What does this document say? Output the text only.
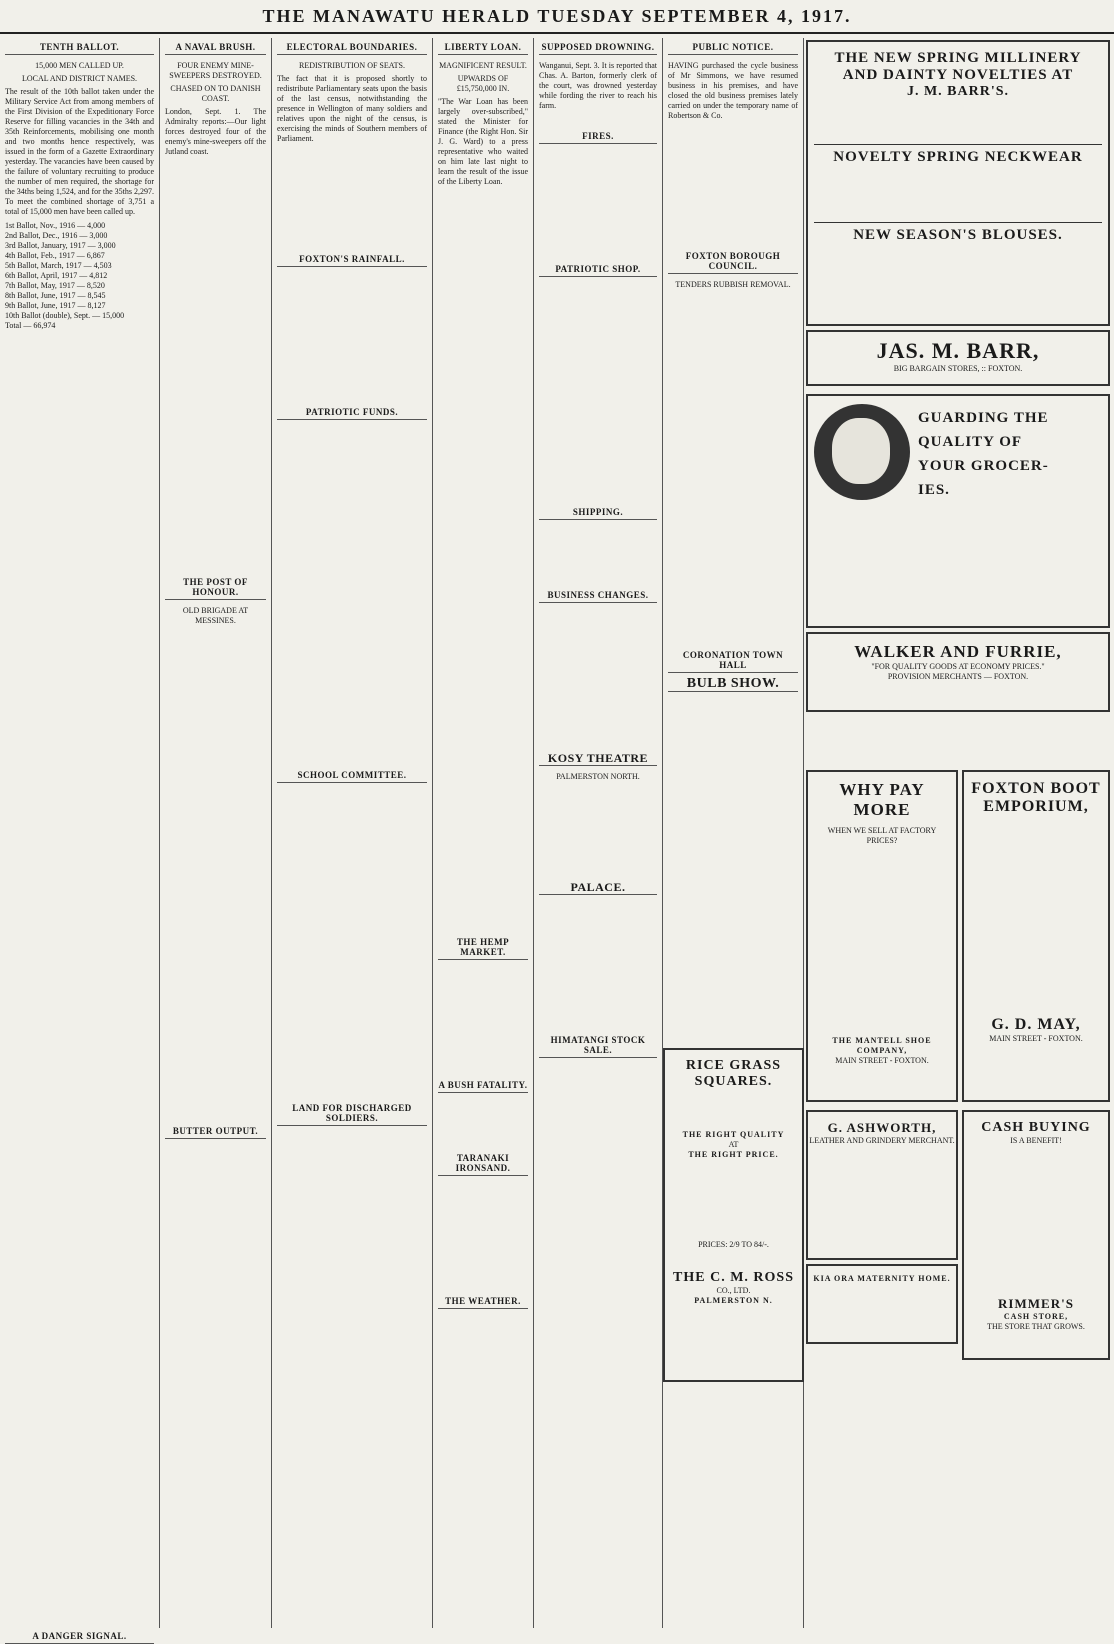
THE MANAWATU HERALD TUESDAY SEPTEMBER 4, 1917.
TENTH BALLOT.
15,000 MEN CALLED UP.
LOCAL AND DISTRICT NAMES.

The result of the 10th ballot taken under the Military Service Act from among members of the First Division of the Expeditionary Force Reserve for filling vacancies in the 34th and 35th Reinforcements, mobilising one month and two months hence respectively, was issued in the form of a Gazette Extraordinary yesterday. The vacancies have been caused by the failure of voluntary recruiting to produce the number of men required, the shortage for the 34ths being 1,524, and for the 35ths 2,297. To meet the combined shortage of 3,751 a total of 15,000 men have been called up.

1st Ballot, Nov., 1916 — 4,000
2nd Ballot, Dec., 1916 — 3,000
3rd Ballot, January, 1917 — 3,000
4th Ballot, Feb., 1917 — 6,867
5th Ballot, March, 1917 — 4,503
6th Ballot, April, 1917 — 4,812
7th Ballot, May, 1917 — 8,520
8th Ballot, June, 1917 — 8,545
9th Ballot, June, 1917 — 8,127
10th Ballot (double), Sept. — 15,000
Total — 66,974

A DANGER SIGNAL.
A NAVAL BRUSH.
FOUR ENEMY MINE-SWEEPERS DESTROYED.
CHASED ON TO DANISH COAST.

London, Sept. 1. The Admiralty reports:—Our light forces destroyed four of the enemy's mine-sweepers off the Jutland coast.

THE POST OF HONOUR.
OLD BRIGADE AT MESSINES.
BUTTER OUTPUT.
ELECTORAL BOUNDARIES.
REDISTRIBUTION OF SEATS.

The fact that it is proposed shortly to redistribute Parliamentary seats upon the basis of the last census, notwithstanding the presence in Wellington of many soldiers and relatives upon the night of the census, is exercising the minds of Southern members of Parliament.

FOXTON'S RAINFALL.
PATRIOTIC FUNDS.
SCHOOL COMMITTEE.
LAND FOR DISCHARGED SOLDIERS.
LIBERTY LOAN.
MAGNIFICENT RESULT.
UPWARDS OF £15,750,000 IN.

"The War Loan has been largely over-subscribed," stated the Minister for Finance (the Right Hon. Sir J. G. Ward) to a press representative who waited on him late last night to learn the result of the issue of the Liberty Loan.

THE HEMP MARKET.
A BUSH FATALITY.
TARANAKI IRONSAND.
THE WEATHER.
SUPPOSED DROWNING.

Wanganui, Sept. 3. It is reported that Chas. A. Barton, formerly clerk of the court, was drowned yesterday while fording the river to reach his farm.

FIRES.
PATRIOTIC SHOP.
SHIPPING.
BUSINESS CHANGES.
KOSY THEATRE
PALMERSTON NORTH.
PALACE.
HIMATANGI STOCK SALE.
PUBLIC NOTICE.

HAVING purchased the cycle business of Mr Simmons, we have resumed business in his premises, and have closed the old business premises lately carried on under the temporary name of Robertson & Co.

FOXTON BOROUGH COUNCIL.
TENDERS RUBBISH REMOVAL.
CORONATION TOWN HALL
BULB SHOW.
THE NEW SPRING MILLINERY
AND DAINTY NOVELTIES AT
J. M. BARR'S.
NOVELTY SPRING NECKWEAR
NEW SEASON'S BLOUSES.
JAS. M. BARR,
BIG BARGAIN STORES, :: FOXTON.
GUARDING THE
QUALITY OF
YOUR GROCER-
IES.
WALKER AND FURRIE,
"FOR QUALITY GOODS AT ECONOMY PRICES."
PROVISION MERCHANTS — FOXTON.
WHY PAY
MORE
WHEN WE SELL AT FACTORY PRICES?
THE MANTELL SHOE COMPANY,
MAIN STREET - FOXTON.
FOXTON BOOT
EMPORIUM,
G. D. MAY,
MAIN STREET - FOXTON.
RICE GRASS
SQUARES.
THE RIGHT QUALITY
AT
THE RIGHT PRICE.
PRICES: 2/9 TO 84/-.
THE C. M. ROSS
CO., LTD.
PALMERSTON N.
G. ASHWORTH,
LEATHER AND GRINDERY MERCHANT.
KIA ORA MATERNITY HOME.
CASH BUYING
IS A BENEFIT!
RIMMER'S
CASH STORE,
THE STORE THAT GROWS.
